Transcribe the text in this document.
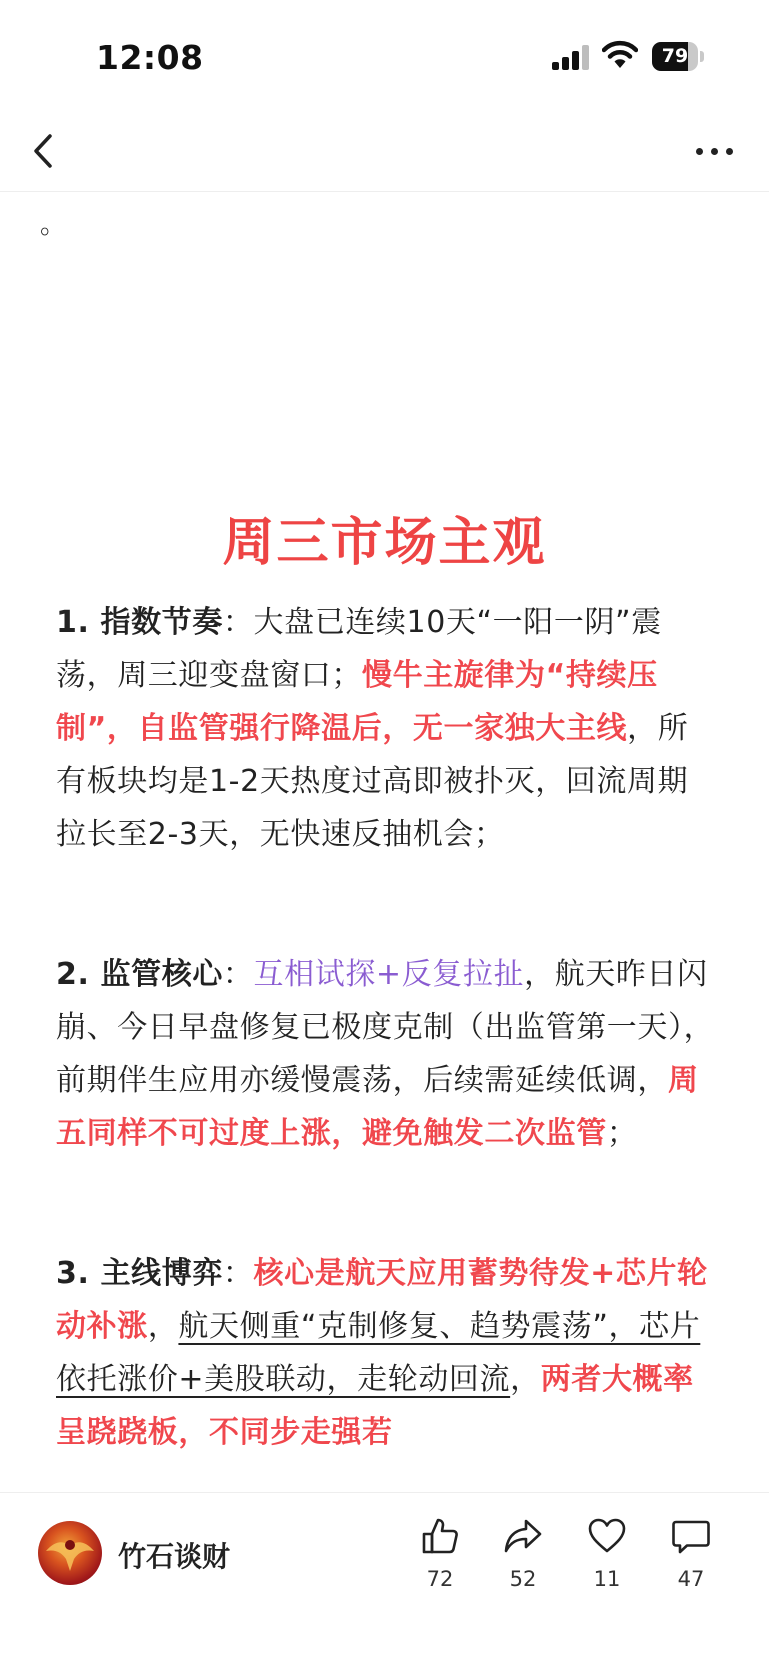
12:08	79
。
周三市场主观
1. 指数节奏：大盘已连续10天“一阳一阴”震荡，周三迎变盘窗口；慢牛主旋律为“持续压制”，自监管强行降温后，无一家独大主线，所有板块均是1-2天热度过高即被扑灭，回流周期拉长至2-3天，无快速反抽机会；
2. 监管核心：互相试探+反复拉扯，航天昨日闪崩、今日早盘修复已极度克制（出监管第一天），前期伴生应用亦缓慢震荡，后续需延续低调，周五同样不可过度上涨，避免触发二次监管；
3. 主线博弈：核心是航天应用蓄势待发+芯片轮动补涨，航天侧重“克制修复、趋势震荡”，芯片依托涨价+美股联动，走轮动回流，两者大概率呈跷跷板，不同步走强若
竹石谈财
72	52	11	47
